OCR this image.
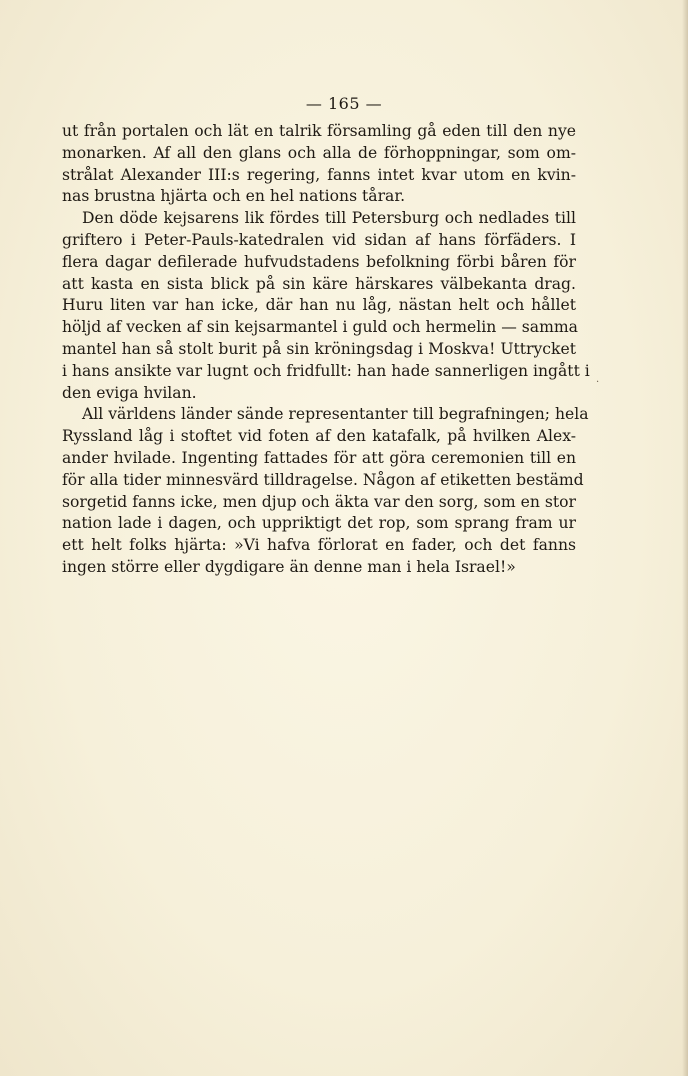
— 165 —
ut från portalen och lät en talrik församling gå eden till den nye
monarken. Af all den glans och alla de förhoppningar, som om-
strålat Alexander III:s regering, fanns intet kvar utom en kvin-
nas brustna hjärta och en hel nations tårar.
Den döde kejsarens lik fördes till Petersburg och nedlades till
griftero i Peter-Pauls-katedralen vid sidan af hans förfäders. I
flera dagar defilerade hufvudstadens befolkning förbi båren för
att kasta en sista blick på sin käre härskares välbekanta drag.
Huru liten var han icke, där han nu låg, nästan helt och hållet
höljd af vecken af sin kejsarmantel i guld och hermelin — samma
mantel han så stolt burit på sin kröningsdag i Moskva! Uttrycket
i hans ansikte var lugnt och fridfullt: han hade sannerligen ingått i
den eviga hvilan.
All världens länder sände representanter till begrafningen; hela
Ryssland låg i stoftet vid foten af den katafalk, på hvilken Alex-
ander hvilade. Ingenting fattades för att göra ceremonien till en
för alla tider minnesvärd tilldragelse. Någon af etiketten bestämd
sorgetid fanns icke, men djup och äkta var den sorg, som en stor
nation lade i dagen, och uppriktigt det rop, som sprang fram ur
ett helt folks hjärta: »Vi hafva förlorat en fader, och det fanns
ingen större eller dygdigare än denne man i hela Israel!»
.
